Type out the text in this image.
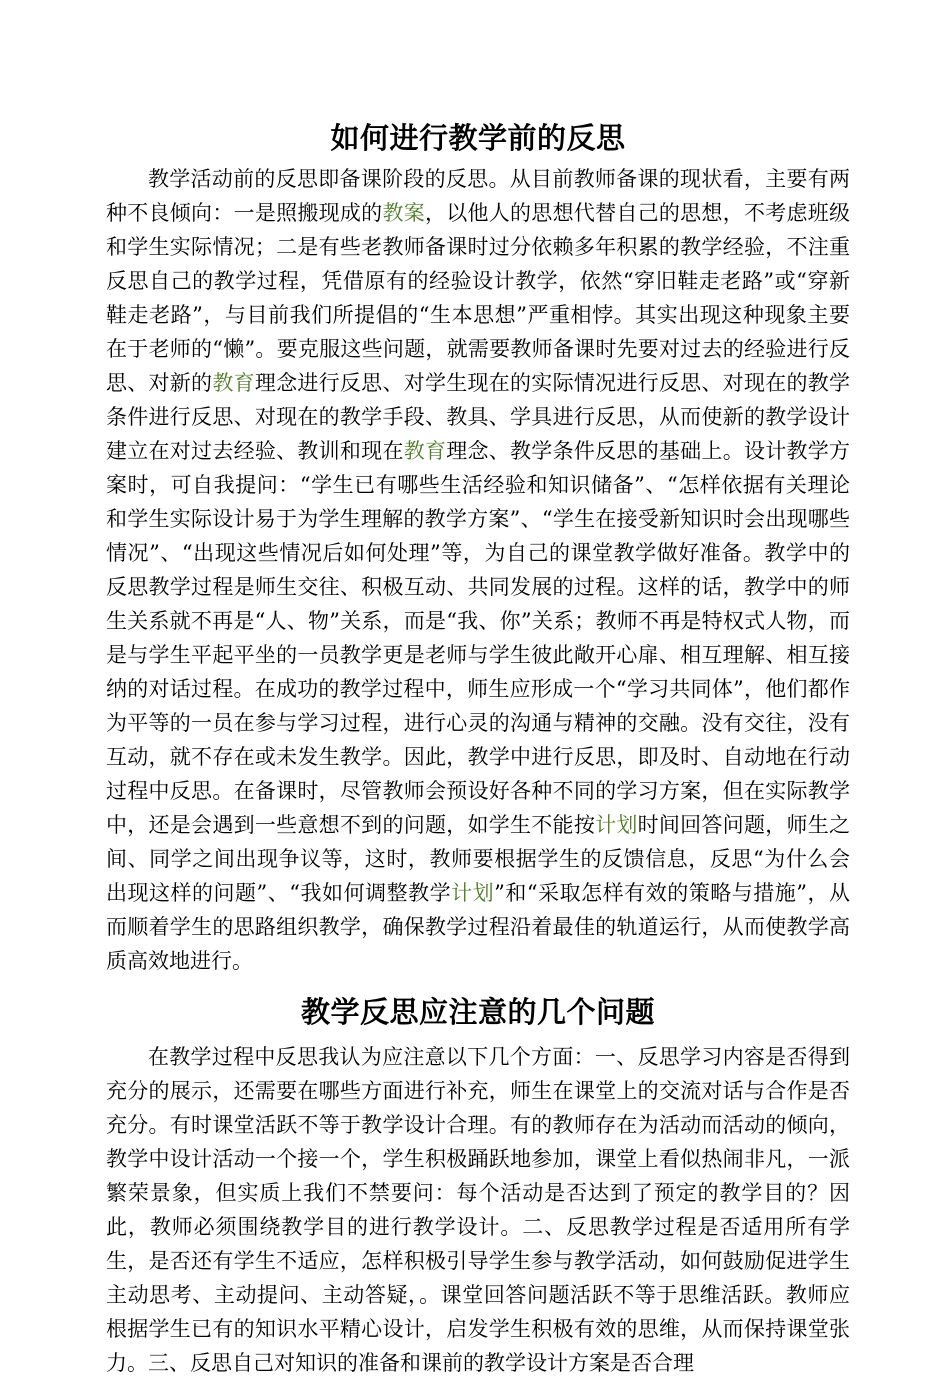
如何进行教学前的反思

教学活动前的反思即备课阶段的反思。从目前教师备课的现状看，主要有两种不良倾向：一是照搬现成的教案，以他人的思想代替自己的思想，不考虑班级和学生实际情况；二是有些老教师备课时过分依赖多年积累的教学经验，不注重反思自己的教学过程，凭借原有的经验设计教学，依然“穿旧鞋走老路”或“穿新鞋走老路”，与目前我们所提倡的“生本思想”严重相悖。其实出现这种现象主要在于老师的“懒”。要克服这些问题，就需要教师备课时先要对过去的经验进行反思、对新的教育理念进行反思、对学生现在的实际情况进行反思、对现在的教学条件进行反思、对现在的教学手段、教具、学具进行反思，从而使新的教学设计建立在对过去经验、教训和现在教育理念、教学条件反思的基础上。设计教学方案时，可自我提问：“学生已有哪些生活经验和知识储备”、“怎样依据有关理论和学生实际设计易于为学生理解的教学方案”、“学生在接受新知识时会出现哪些情况”、“出现这些情况后如何处理”等，为自己的课堂教学做好准备。教学中的反思教学过程是师生交往、积极互动、共同发展的过程。这样的话，教学中的师生关系就不再是“人、物”关系，而是“我、你”关系；教师不再是特权式人物，而是与学生平起平坐的一员教学更是老师与学生彼此敞开心扉、相互理解、相互接纳的对话过程。在成功的教学过程中，师生应形成一个“学习共同体”，他们都作为平等的一员在参与学习过程，进行心灵的沟通与精神的交融。没有交往，没有互动，就不存在或未发生教学。因此，教学中进行反思，即及时、自动地在行动过程中反思。在备课时，尽管教师会预设好各种不同的学习方案，但在实际教学中，还是会遇到一些意想不到的问题，如学生不能按计划时间回答问题，师生之间、同学之间出现争议等，这时，教师要根据学生的反馈信息，反思“为什么会出现这样的问题”、“我如何调整教学计划”和“采取怎样有效的策略与措施”，从而顺着学生的思路组织教学，确保教学过程沿着最佳的轨道运行，从而使教学高质高效地进行。

教学反思应注意的几个问题

在教学过程中反思我认为应注意以下几个方面：一、反思学习内容是否得到充分的展示，还需要在哪些方面进行补充，师生在课堂上的交流对话与合作是否充分。有时课堂活跃不等于教学设计合理。有的教师存在为活动而活动的倾向，教学中设计活动一个接一个，学生积极踊跃地参加，课堂上看似热闹非凡，一派繁荣景象，但实质上我们不禁要问：每个活动是否达到了预定的教学目的？因此，教师必须围绕教学目的进行教学设计。二、反思教学过程是否适用所有学生，是否还有学生不适应，怎样积极引导学生参与教学活动，如何鼓励促进学生主动思考、主动提问、主动答疑，。课堂回答问题活跃不等于思维活跃。教师应根据学生已有的知识水平精心设计，启发学生积极有效的思维，从而保持课堂张力。三、反思自己对知识的准备和课前的教学设计方案是否合理
